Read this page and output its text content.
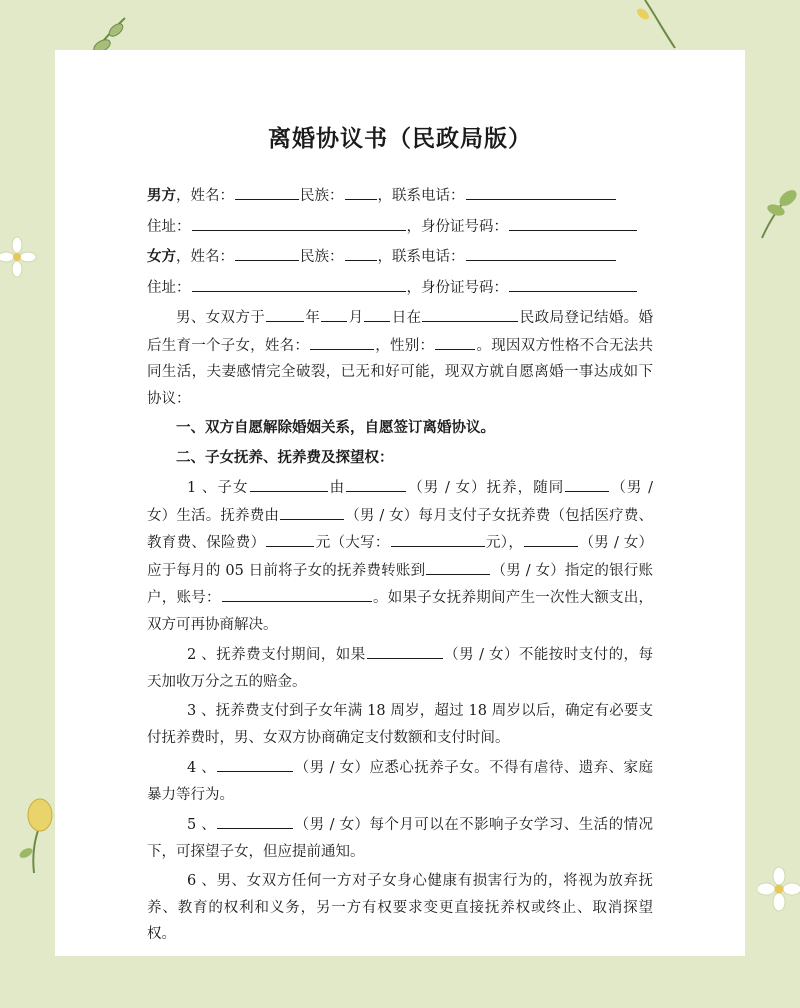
离婚协议书（民政局版）

男方，姓名：	民族： ，联系电话：

住址：	，身份证号码：

女方，姓名：	民族： ，联系电话：

住址：	，身份证号码：

男、女双方于	年 月 日在	民政局登记结婚。婚后生育一个子女，姓名：	，性别：	。现因双方性格不合无法共同生活，夫妻感情完全破裂，已无和好可能，现双方就自愿离婚一事达成如下协议：

一、双方自愿解除婚姻关系，自愿签订离婚协议。

二、子女抚养、抚养费及探望权：

1 、子女	由	（男 / 女）抚养，随同	（男 / 女）生活。抚养费由	（男 / 女）每月支付子女抚养费（包括医疗费、教育费、保险费）	元（大写：	元），	（男 / 女）应于每月的 05 日前将子女的抚养费转账到	（男 / 女）指定的银行账户，账号：	。如果子女抚养期间产生一次性大额支出，双方可再协商解决。

2 、抚养费支付期间，如果	（男 / 女）不能按时支付的，每天加收万分之五的赔金。

3 、抚养费支付到子女年满 18 周岁，超过 18 周岁以后，确定有必要支付抚养费时，男、女双方协商确定支付数额和支付时间。

4 、	（男 / 女）应悉心抚养子女。不得有虐待、遗弃、家庭暴力等行为。

5 、	（男 / 女）每个月可以在不影响子女学习、生活的情况下，可探望子女，但应提前通知。

6 、男、女双方任何一方对子女身心健康有损害行为的，将视为放弃抚养、教育的权利和义务，另一方有权要求变更直接抚养权或终止、取消探望权。
